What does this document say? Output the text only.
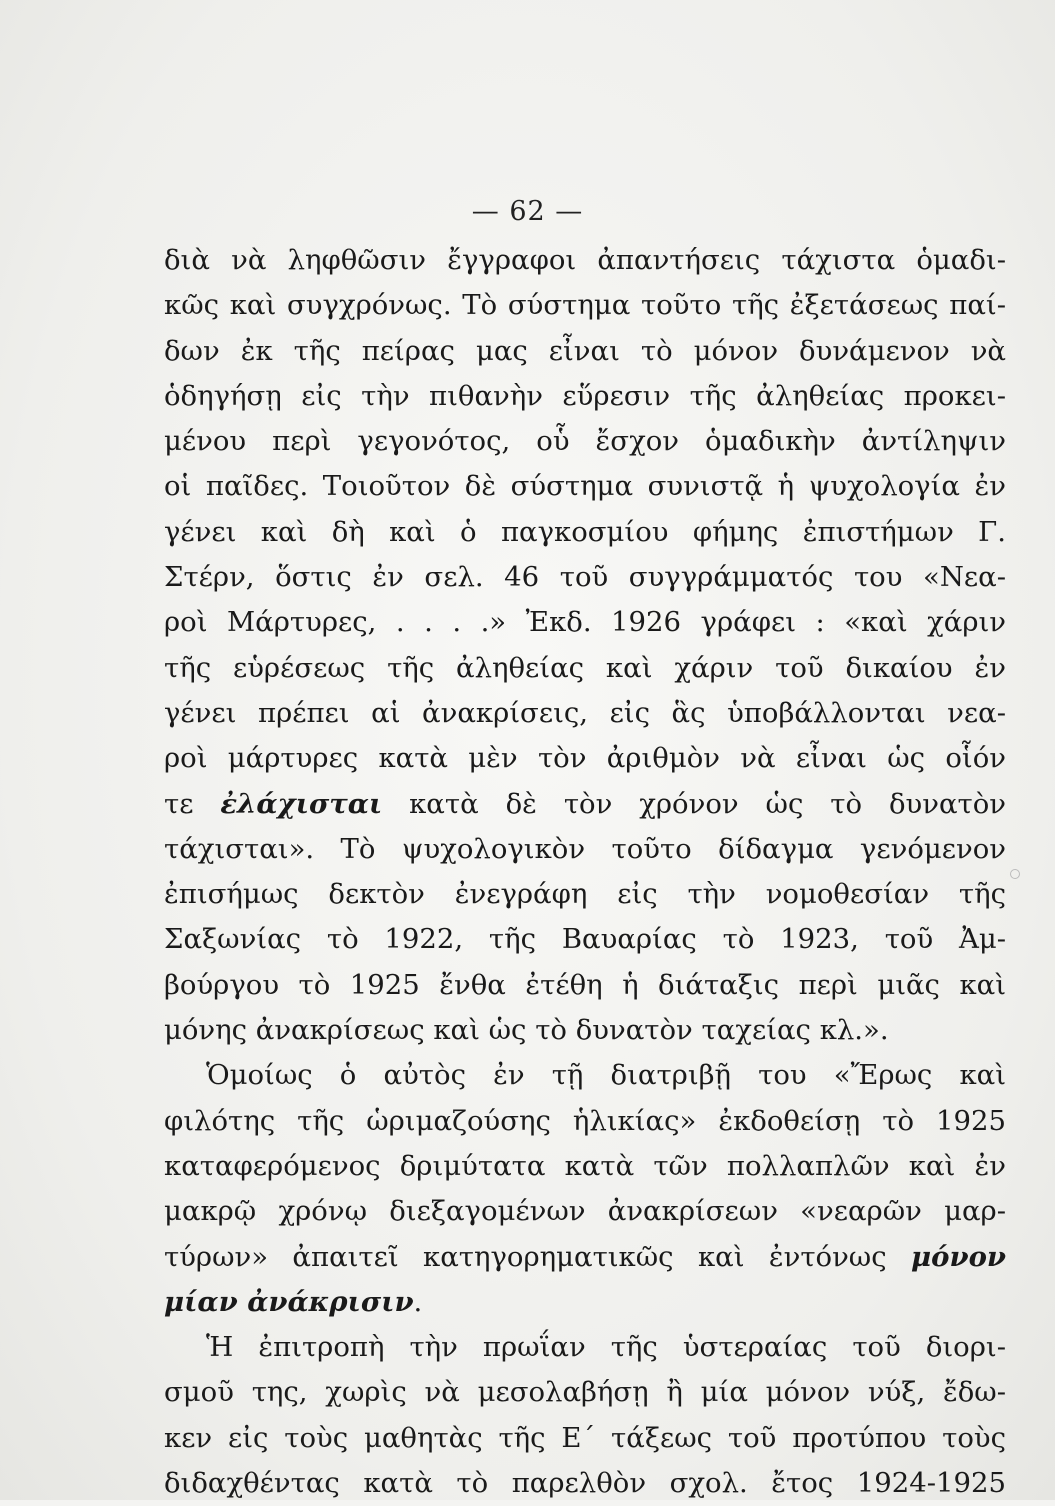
— 62 —
διὰ νὰ ληφθῶσιν ἔγγραφοι ἀπαντήσεις τάχιστα ὁμαδι-
κῶς καὶ συγχρόνως. Τὸ σύστημα τοῦτο τῆς ἐξετάσεως παί-
δων ἐκ τῆς πείρας μας εἶναι τὸ μόνον δυνάμενον νὰ
ὁδηγήσῃ εἰς τὴν πιθανὴν εὕρεσιν τῆς ἀληθείας προκει-
μένου περὶ γεγονότος, οὗ ἔσχον ὁμαδικὴν ἀντίληψιν
οἱ παῖδες. Τοιοῦτον δὲ σύστημα συνιστᾷ ἡ ψυχολογία ἐν
γένει καὶ δὴ καὶ ὁ παγκοσμίου φήμης ἐπιστήμων Γ.
Στέρν, ὅστις ἐν σελ. 46 τοῦ συγγράμματός του «Νεα-
ροὶ Μάρτυρες, . . . .» Ἐκδ. 1926 γράφει : «καὶ χάριν
τῆς εὑρέσεως τῆς ἀληθείας καὶ χάριν τοῦ δικαίου ἐν
γένει πρέπει αἱ ἀνακρίσεις, εἰς ἃς ὑποβάλλονται νεα-
ροὶ μάρτυρες κατὰ μὲν τὸν ἀριθμὸν νὰ εἶναι ὡς οἷόν
τε ἐλάχισται κατὰ δὲ τὸν χρόνον ὡς τὸ δυνατὸν
τάχισται». Τὸ ψυχολογικὸν τοῦτο δίδαγμα γενόμενον
ἐπισήμως δεκτὸν ἐνεγράφη εἰς τὴν νομοθεσίαν τῆς
Σαξωνίας τὸ 1922, τῆς Βαυαρίας τὸ 1923, τοῦ Ἀμ-
βούργου τὸ 1925 ἔνθα ἐτέθη ἡ διάταξις περὶ μιᾶς καὶ
μόνης ἀνακρίσεως καὶ ὡς τὸ δυνατὸν ταχείας κλ.».
Ὁμοίως ὁ αὐτὸς ἐν τῇ διατριβῇ του «Ἔρως καὶ
φιλότης τῆς ὡριμαζούσης ἡλικίας» ἐκδοθείσῃ τὸ 1925
καταφερόμενος δριμύτατα κατὰ τῶν πολλαπλῶν καὶ ἐν
μακρῷ χρόνῳ διεξαγομένων ἀνακρίσεων «νεαρῶν μαρ-
τύρων» ἀπαιτεῖ κατηγορηματικῶς καὶ ἐντόνως μόνον
μίαν ἀνάκρισιν.
Ἡ ἐπιτροπὴ τὴν πρωΐαν τῆς ὑστεραίας τοῦ διορι-
σμοῦ της, χωρὶς νὰ μεσολαβήσῃ ἢ μία μόνον νύξ, ἔδω-
κεν εἰς τοὺς μαθητὰς τῆς Ε΄ τάξεως τοῦ προτύπου τοὺς
διδαχθέντας κατὰ τὸ παρελθὸν σχολ. ἔτος 1924-1925
